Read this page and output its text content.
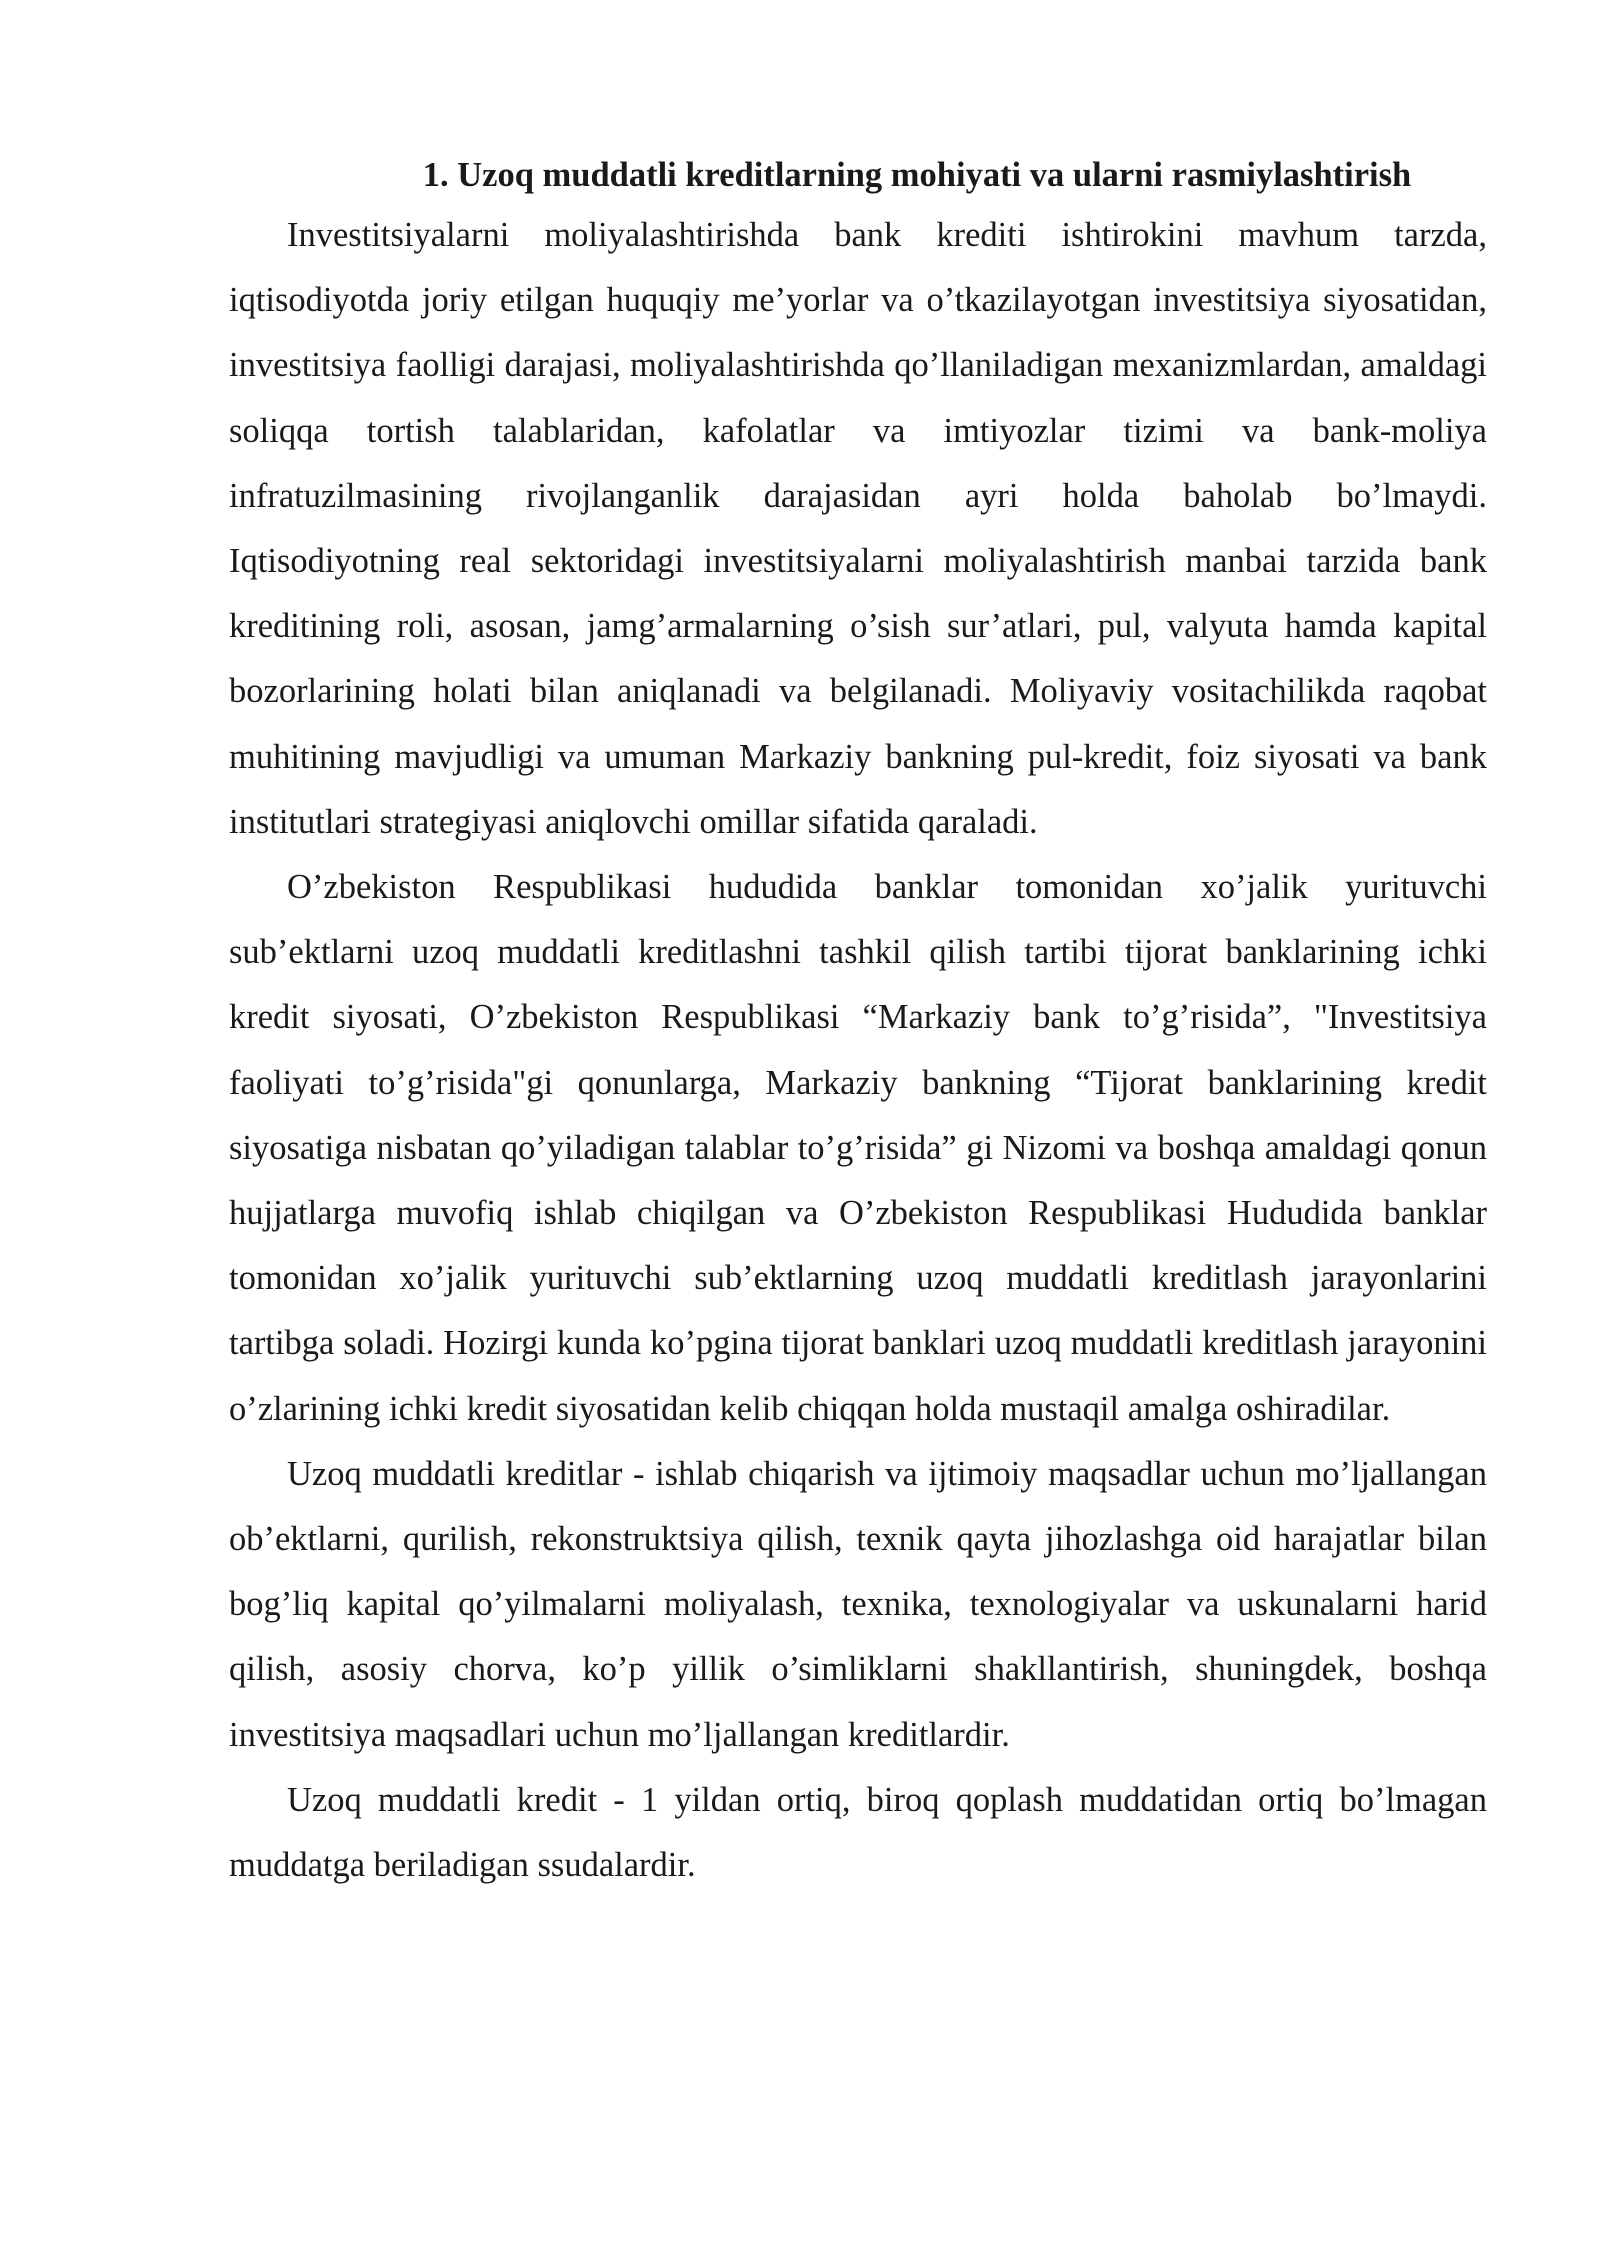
1. Uzoq muddatli kreditlarning mohiyati va ularni rasmiylashtirish

Investitsiyalarni moliyalashtirishda bank krediti ishtirokini mavhum tarzda, iqtisodiyotda joriy etilgan huquqiy me’yorlar va o’tkazilayotgan investitsiya siyosatidan, investitsiya faolligi darajasi, moliyalashtirishda qo’llaniladigan mexanizmlardan, amaldagi soliqqa tortish talablaridan, kafolatlar va imtiyozlar tizimi va bank-moliya infratuzilmasining rivojlanganlik darajasidan ayri holda baholab bo’lmaydi. Iqtisodiyotning real sektoridagi investitsiyalarni moliyalashtirish manbai tarzida bank kreditining roli, asosan, jamg’armalarning o’sish sur’atlari, pul, valyuta hamda kapital bozorlarining holati bilan aniqlanadi va belgilanadi. Moliyaviy vositachilikda raqobat muhitining mavjudligi va umuman Markaziy bankning pul-kredit, foiz siyosati va bank institutlari strategiyasi aniqlovchi omillar sifatida qaraladi.

O’zbekiston Respublikasi hududida banklar tomonidan xo’jalik yurituvchi sub’ektlarni uzoq muddatli kreditlashni tashkil qilish tartibi tijorat banklarining ichki kredit siyosati, O’zbekiston Respublikasi “Markaziy bank to’g’risida”, "Investitsiya faoliyati to’g’risida"gi qonunlarga, Markaziy bankning “Tijorat banklarining kredit siyosatiga nisbatan qo’yiladigan talablar to’g’risida” gi Nizomi va boshqa amaldagi qonun hujjatlarga muvofiq ishlab chiqilgan va O’zbekiston Respublikasi Hududida banklar tomonidan xo’jalik yurituvchi sub’ektlarning uzoq muddatli kreditlash jarayonlarini tartibga soladi. Hozirgi kunda ko’pgina tijorat banklari uzoq muddatli kreditlash jarayonini o’zlarining ichki kredit siyosatidan kelib chiqqan holda mustaqil amalga oshiradilar.

Uzoq muddatli kreditlar - ishlab chiqarish va ijtimoiy maqsadlar uchun mo’ljallangan ob’ektlarni, qurilish, rekonstruktsiya qilish, texnik qayta jihozlashga oid harajatlar bilan bog’liq kapital qo’yilmalarni moliyalash, texnika, texnologiyalar va uskunalarni harid qilish, asosiy chorva, ko’p yillik o’simliklarni shakllantirish, shuningdek, boshqa investitsiya maqsadlari uchun mo’ljallangan kreditlardir.

Uzoq muddatli kredit - 1 yildan ortiq, biroq qoplash muddatidan ortiq bo’lmagan muddatga beriladigan ssudalardir.
